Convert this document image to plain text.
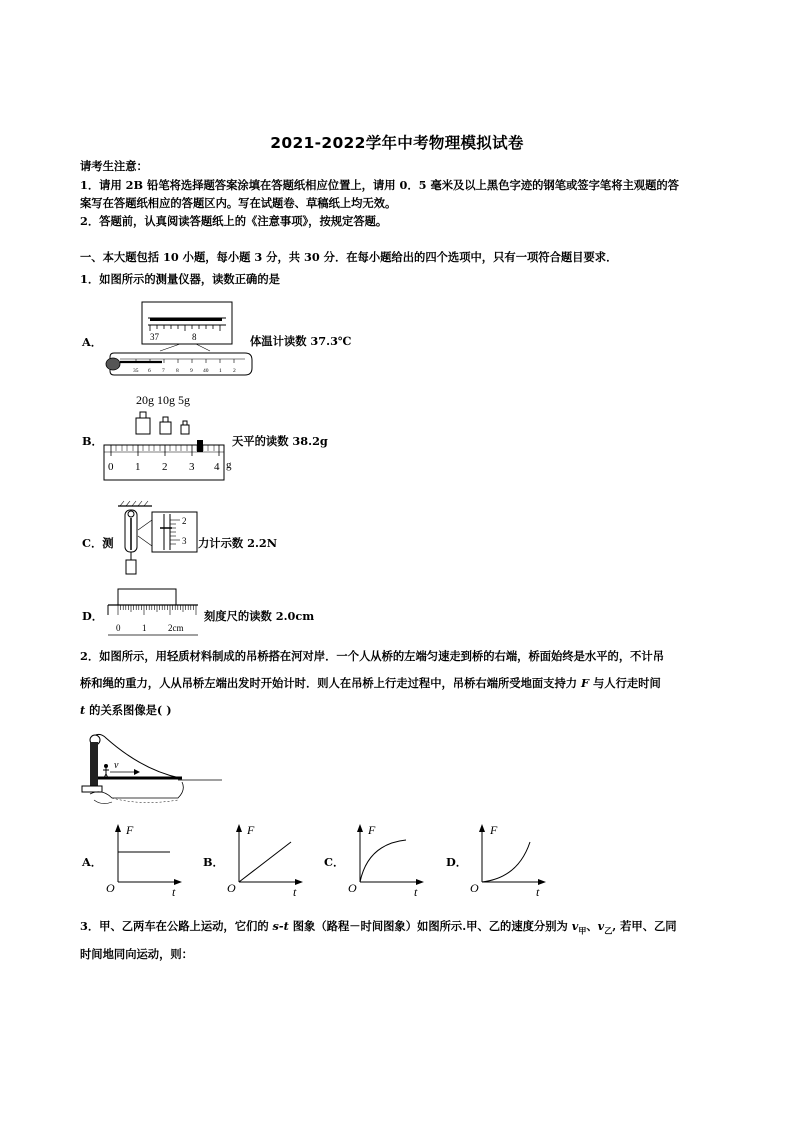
2021-2022学年中考物理模拟试卷
请考生注意：
1．请用 2B 铅笔将选择题答案涂填在答题纸相应位置上，请用 0．5 毫米及以上黑色字迹的钢笔或签字笔将主观题的答
案写在答题纸相应的答题区内。写在试题卷、草稿纸上均无效。
2．答题前，认真阅读答题纸上的《注意事项》，按规定答题。
一、本大题包括 10 小题，每小题 3 分，共 30 分．在每小题给出的四个选项中，只有一项符合题目要求．
1．如图所示的测量仪器，读数正确的是
A．	37	8
35 6 7 8 9 40 1 2
体温计读数 37.3℃
B．
20g 10g 5g
0 1 2 3 4 g
天平的读数 38.2g
C．测
2
3 力计示数 2.2N
D．
0 1 2cm
刻度尺的读数 2.0cm
2．如图所示，用轻质材料制成的吊桥搭在河对岸．一个人从桥的左端匀速走到桥的右端，桥面始终是水平的，不计吊
桥和绳的重力，人从吊桥左端出发时开始计时．则人在吊桥上行走过程中，吊桥右端所受地面支持力 F 与人行走时间
t 的关系图像是( )
v
A．	B．	C．	D．
F
O	t
F
O	t
F
O	t
F
O	t
3．甲、乙两车在公路上运动，它们的 s-t 图象（路程－时间图象）如图所示.甲、乙的速度分别为 $v_甲$、$v_乙$, 若甲、乙同
时间地同向运动，则：
